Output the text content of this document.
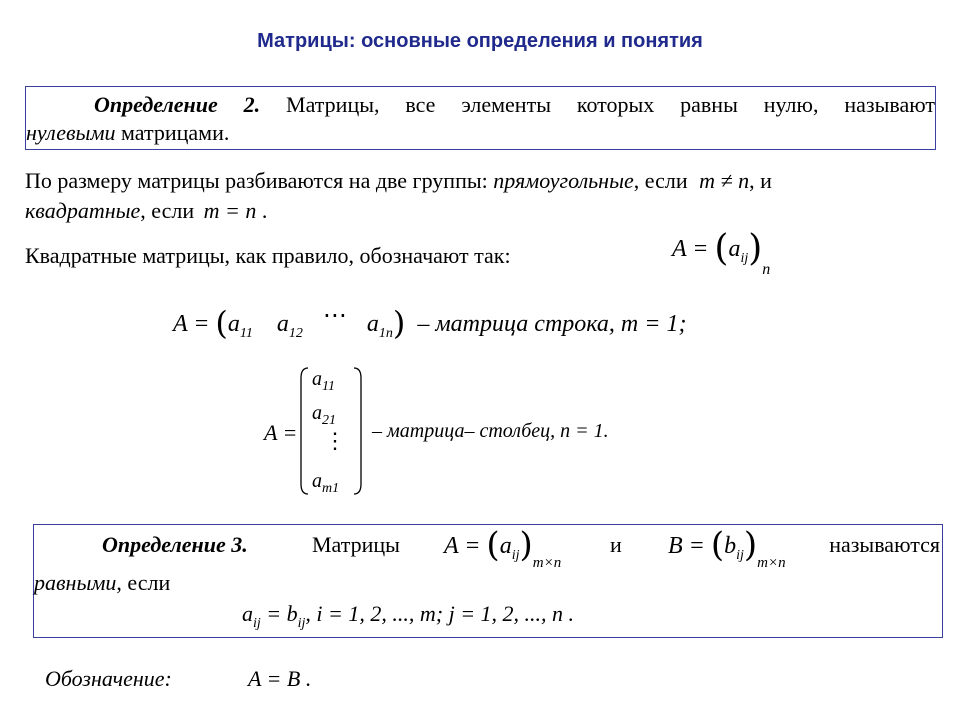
Матрицы: основные определения и понятия
Определение 2. Матрицы, все элементы которых равны нулю, называют
нулевыми матрицами.
По размеру матрицы разбиваются на две группы: прямоугольные, если m ≠ n, и
квадратные, если m = n .
Квадратные матрицы, как правило, обозначают так:	$A = (a_{ij})_n$
$A = (a_{11}$ $a_{12}$ ⋯ $a_{1n}$) – матрица строка, m = 1;
A =
$a_{11}$
$a_{21}$
⋮
$a_{m1}$
– матрица– столбец, n = 1.
Определение 3.	Матрицы $A = (a_{ij})_{m\times n}$
и $B = (b_{ij})_{m\times n}$
называются
равными, если
$a_{ij} = b_{ij}$, i = 1, 2, ..., m; j = 1, 2, ..., n .
Обозначение:	A = B .
